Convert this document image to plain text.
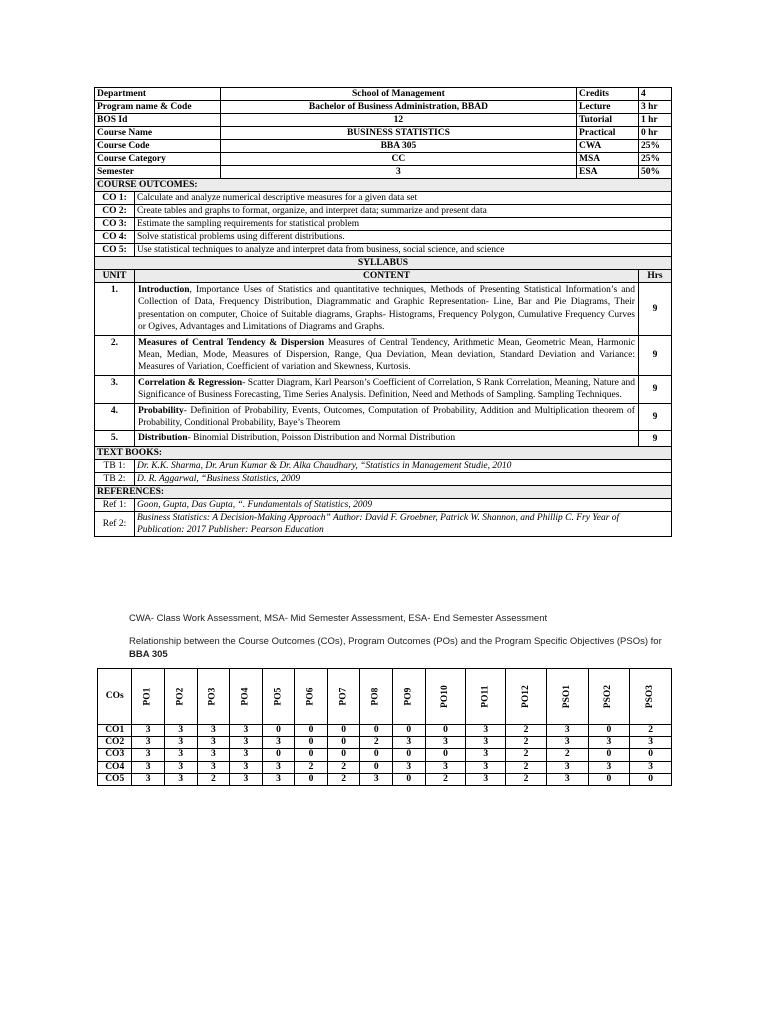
Department		School of Management	Credits	4
Program name & Code		Bachelor of Business Administration, BBAD	Lecture	3 hr
BOS Id		12	Tutorial	1 hr
Course Name		BUSINESS STATISTICS	Practical	0 hr
Course Code		BBA 305	CWA	25%
Course Category		CC	MSA	25%
Semester		3	ESA	50%
COURSE OUTCOMES:				
CO 1:	Calculate and analyze numerical descriptive measures for a given data set			
CO 2:	Create tables and graphs to format, organize, and interpret data; summarize and present data			
CO 3:	Estimate the sampling requirements for statistical problem			
CO 4:	Solve statistical problems using different distributions.			
CO 5:	Use statistical techniques to analyze and interpret data from business, social science, and science			
SYLLABUS				
UNIT	CONTENT			Hrs
1.	Introduction, Importance Uses of Statistics and quantitative techniques, Methods of Presenting Statistical Information’s and Collection of Data, Frequency Distribution, Diagrammatic and Graphic Representation- Line, Bar and Pie Diagrams, Their presentation on computer, Choice of Suitable diagrams, Graphs- Histograms, Frequency Polygon, Cumulative Frequency Curves or Ogives, Advantages and Limitations of Diagrams and Graphs.			9
2.	Measures of Central Tendency & Dispersion Measures of Central Tendency, Arithmetic Mean, Geometric Mean, Harmonic Mean, Median, Mode, Measures of Dispersion, Range, Qua Deviation, Mean deviation, Standard Deviation and Variance: Measures of Variation, Coefficient of variation and Skewness, Kurtosis.			9
3.	Correlation & Regression- Scatter Diagram, Karl Pearson’s Coefficient of Correlation, S Rank Correlation, Meaning, Nature and Significance of Business Forecasting, Time Series Analysis. Definition, Need and Methods of Sampling. Sampling Techniques.			9
4.	Probability- Definition of Probability, Events, Outcomes, Computation of Probability, Addition and Multiplication theorem of Probability, Conditional Probability, Baye’s Theorem			9
5.	Distribution- Binomial Distribution, Poisson Distribution and Normal Distribution			9
TEXT BOOKS:				
TB 1:	Dr. K.K. Sharma, Dr. Arun Kumar & Dr. Alka Chaudhary, “Statistics in Management Studie, 2010			
TB 2:	D. R. Aggarwal, “Business Statistics, 2009			
REFERENCES:				
Ref 1:	Goon, Gupta, Das Gupta, “. Fundamentals of Statistics, 2009			
Ref 2:	Business Statistics: A Decision-Making Approach” Author: David F. Groebner, Patrick W. Shannon, and Phillip C. Fry Year of Publication: 2017 Publisher: Pearson Education			
CWA- Class Work Assessment, MSA- Mid Semester Assessment, ESA- End Semester Assessment
Relationship between the Course Outcomes (COs), Program Outcomes (POs) and the Program Specific Objectives (PSOs) for BBA 305
COs	PO1	PO2	PO3	PO4	PO5	PO6	PO7	PO8	PO9	PO10	PO11	PO12	PSO1	PSO2	PSO3
CO1	3	3	3	3	0	0	0	0	0	0	3	2	3	0	2
CO2	3	3	3	3	3	0	0	2	3	3	3	2	3	3	3
CO3	3	3	3	3	0	0	0	0	0	0	3	2	2	0	0
CO4	3	3	3	3	3	2	2	0	3	3	3	2	3	3	3
CO5	3	3	2	3	3	0	2	3	0	2	3	2	3	0	0
